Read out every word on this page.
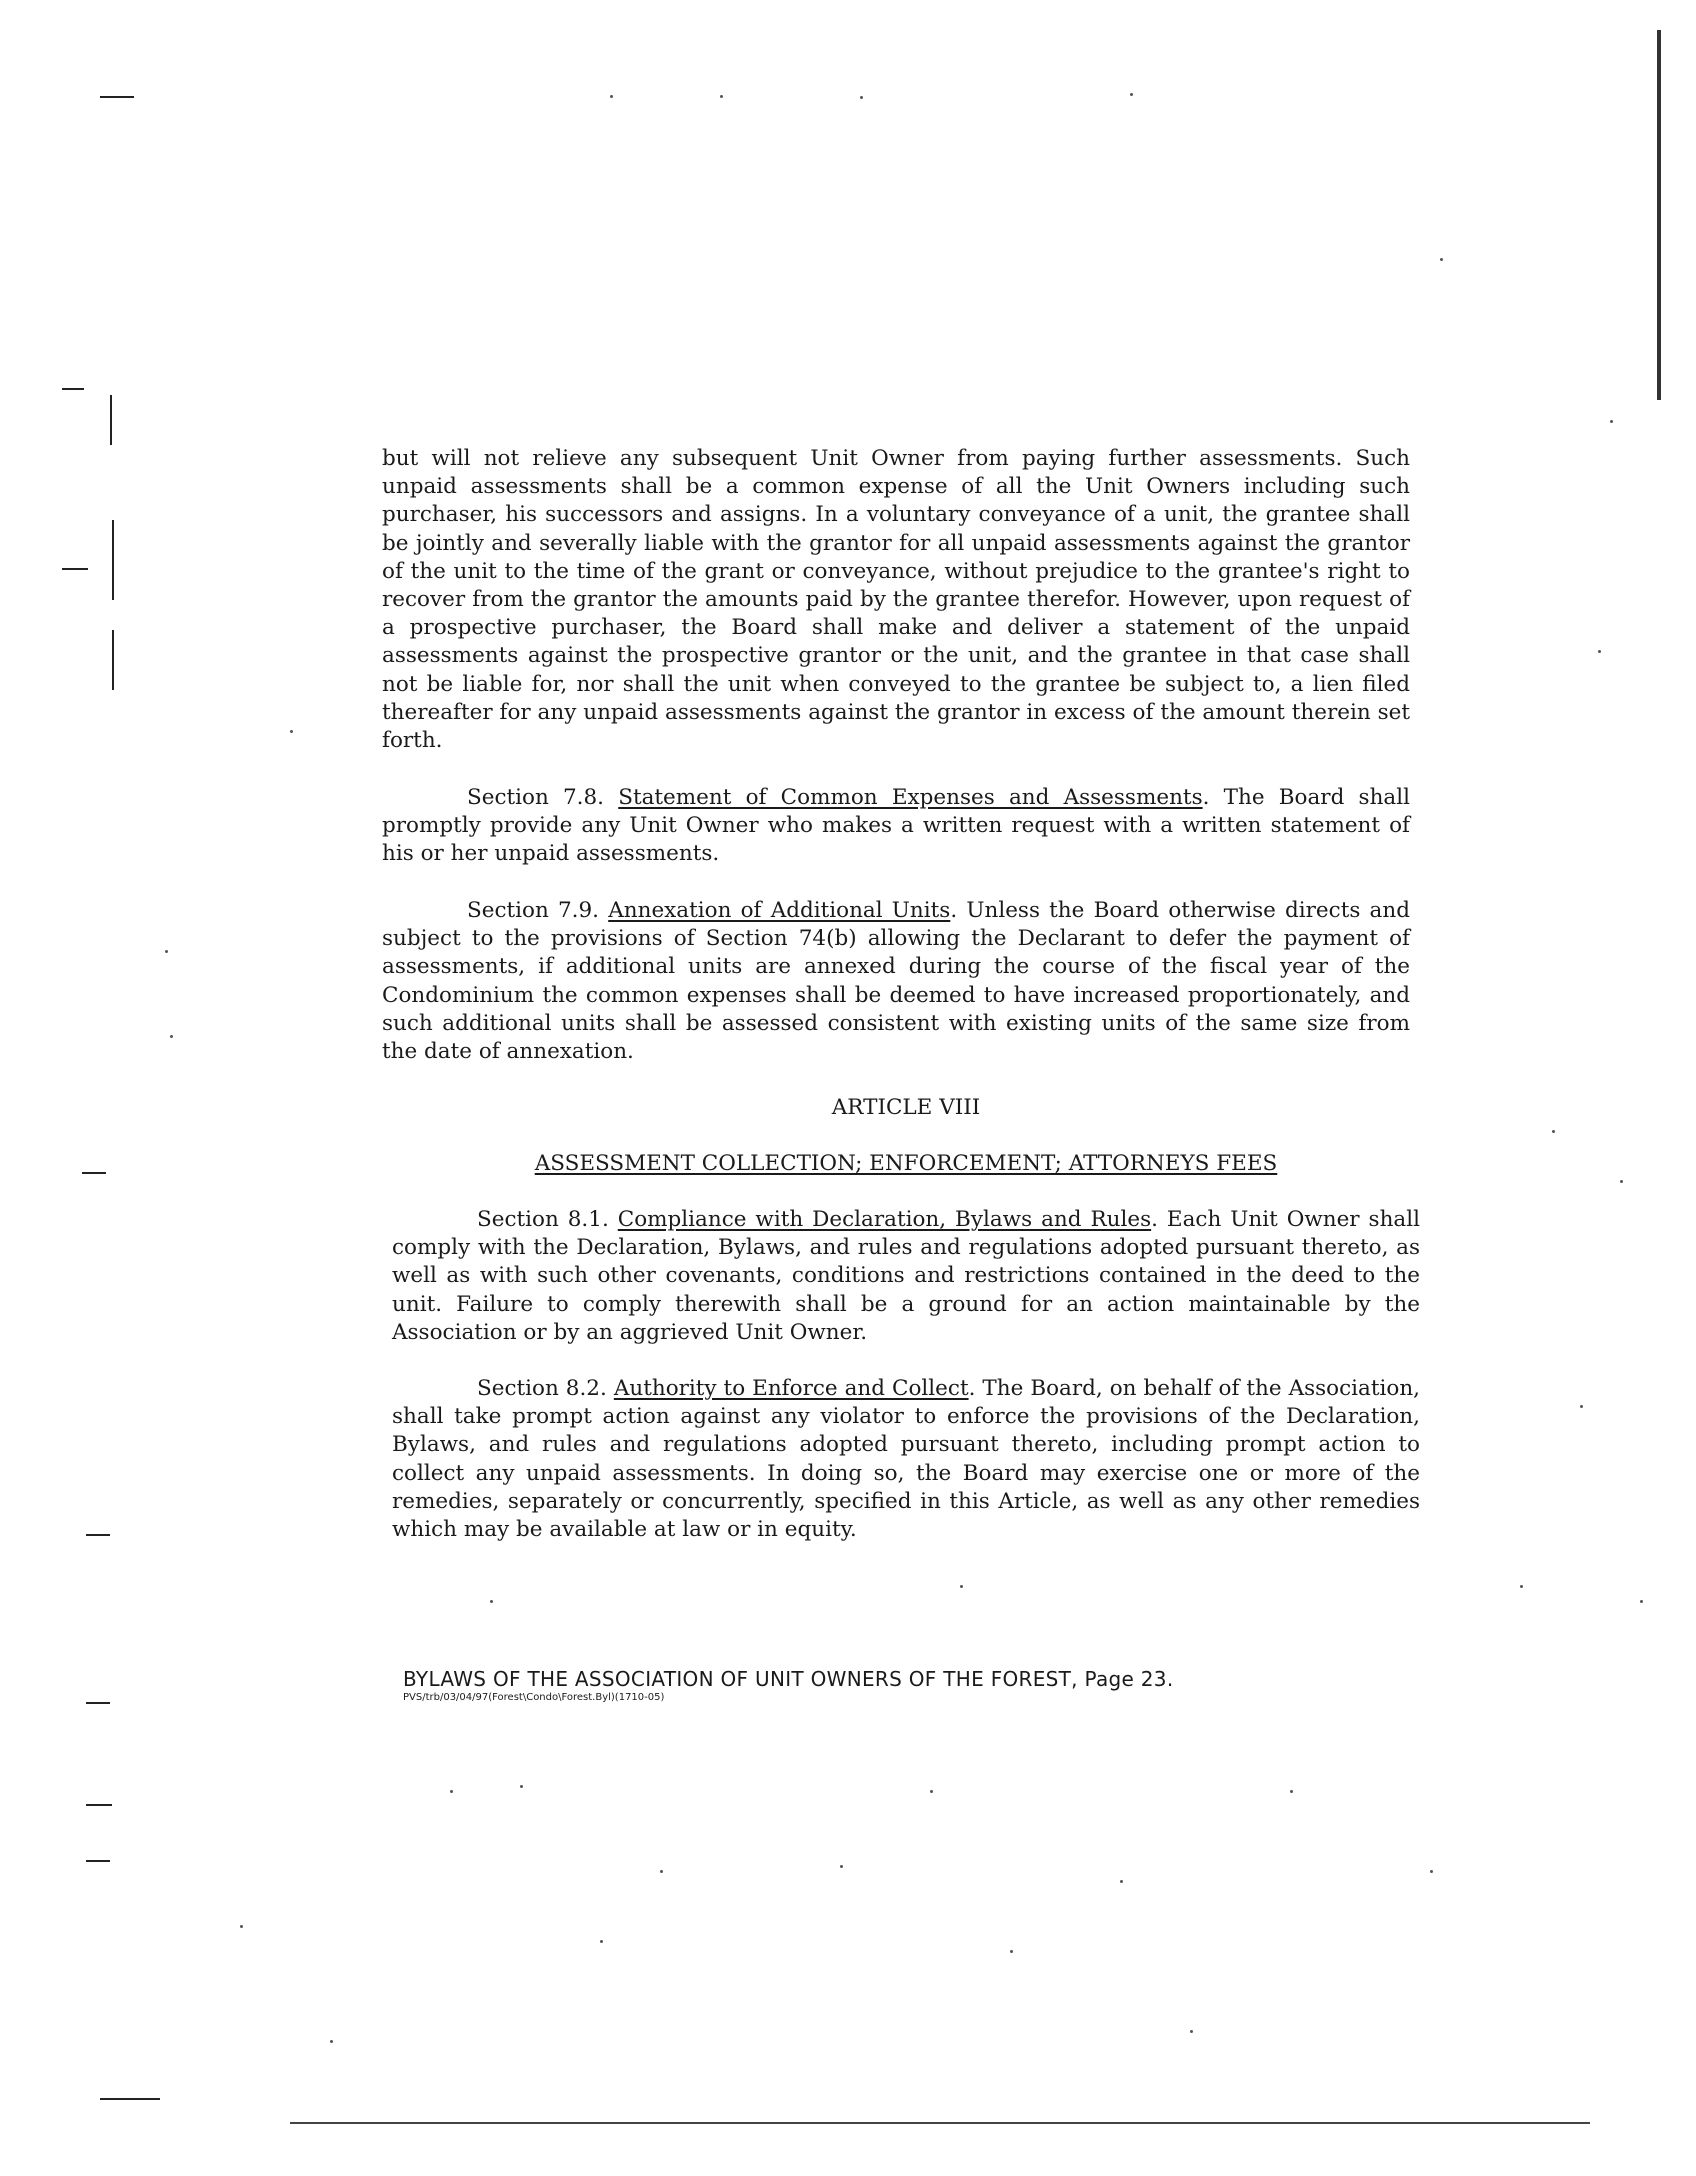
but will not relieve any subsequent Unit Owner from paying further assessments. Such unpaid assessments shall be a common expense of all the Unit Owners including such purchaser, his successors and assigns. In a voluntary conveyance of a unit, the grantee shall be jointly and severally liable with the grantor for all unpaid assessments against the grantor of the unit to the time of the grant or conveyance, without prejudice to the grantee's right to recover from the grantor the amounts paid by the grantee therefor. However, upon request of a prospective purchaser, the Board shall make and deliver a statement of the unpaid assessments against the prospective grantor or the unit, and the grantee in that case shall not be liable for, nor shall the unit when conveyed to the grantee be subject to, a lien filed thereafter for any unpaid assessments against the grantor in excess of the amount therein set forth.

Section 7.8. Statement of Common Expenses and Assessments. The Board shall promptly provide any Unit Owner who makes a written request with a written statement of his or her unpaid assessments.

Section 7.9. Annexation of Additional Units. Unless the Board otherwise directs and subject to the provisions of Section 74(b) allowing the Declarant to defer the payment of assessments, if additional units are annexed during the course of the fiscal year of the Condominium the common expenses shall be deemed to have increased proportionately, and such additional units shall be assessed consistent with existing units of the same size from the date of annexation.

ARTICLE VIII

ASSESSMENT COLLECTION; ENFORCEMENT; ATTORNEYS FEES

Section 8.1. Compliance with Declaration, Bylaws and Rules. Each Unit Owner shall comply with the Declaration, Bylaws, and rules and regulations adopted pursuant thereto, as well as with such other covenants, conditions and restrictions contained in the deed to the unit. Failure to comply therewith shall be a ground for an action maintainable by the Association or by an aggrieved Unit Owner.

Section 8.2. Authority to Enforce and Collect. The Board, on behalf of the Association, shall take prompt action against any violator to enforce the provisions of the Declaration, Bylaws, and rules and regulations adopted pursuant thereto, including prompt action to collect any unpaid assessments. In doing so, the Board may exercise one or more of the remedies, separately or concurrently, specified in this Article, as well as any other remedies which may be available at law or in equity.

BYLAWS OF THE ASSOCIATION OF UNIT OWNERS OF THE FOREST, Page 23.

PVS/trb/03/04/97(Forest\Condo\Forest.Byl)(1710-05)
